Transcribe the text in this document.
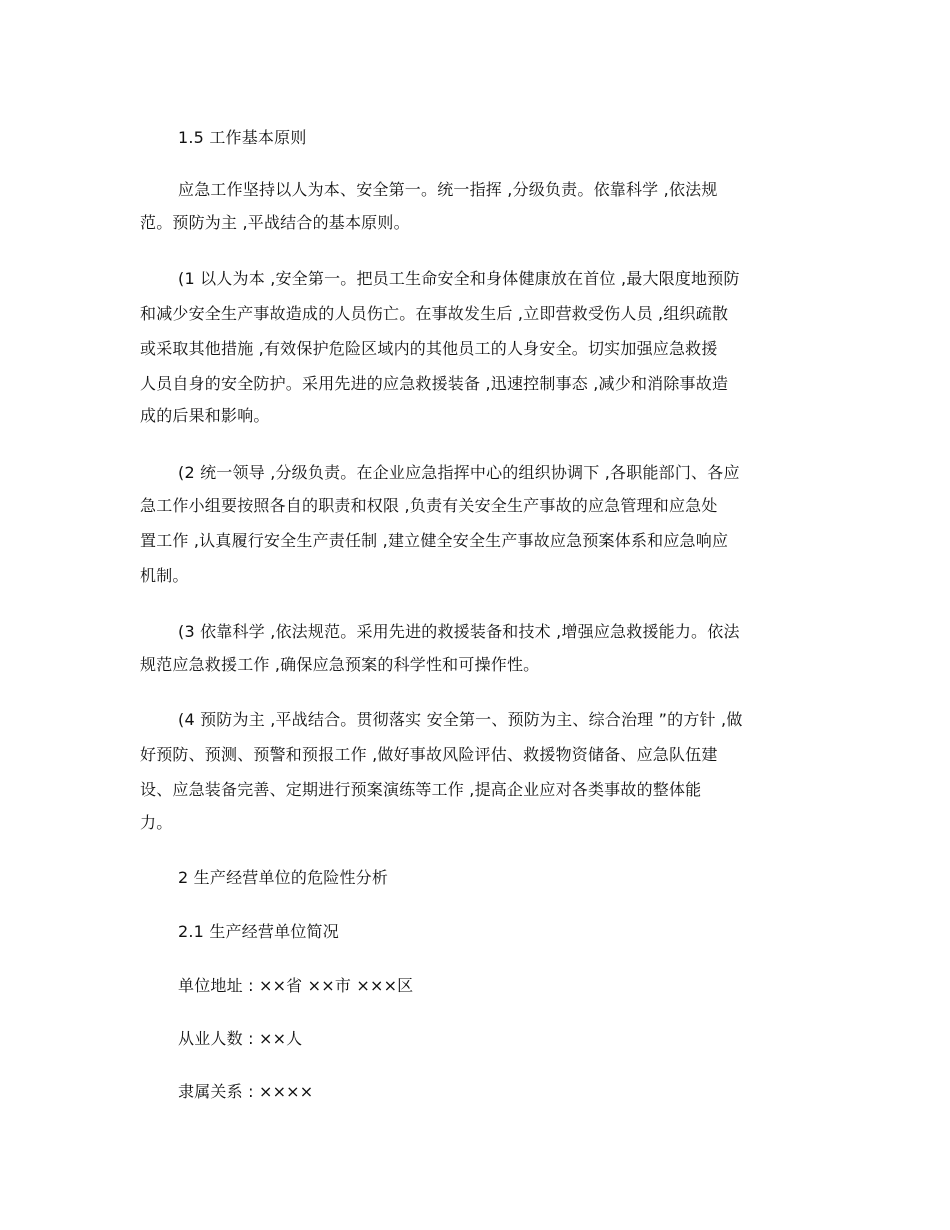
1.5 工作基本原则
应急工作坚持以人为本、安全第一。统一指挥 ,分级负责。依靠科学 ,依法规
范。预防为主 ,平战结合的基本原则。
(1 以人为本 ,安全第一。把员工生命安全和身体健康放在首位 ,最大限度地预防
和减少安全生产事故造成的人员伤亡。在事故发生后 ,立即营救受伤人员 ,组织疏散
或采取其他措施 ,有效保护危险区域内的其他员工的人身安全。切实加强应急救援
人员自身的安全防护。采用先进的应急救援装备 ,迅速控制事态 ,减少和消除事故造
成的后果和影响。
(2 统一领导 ,分级负责。在企业应急指挥中心的组织协调下 ,各职能部门、各应
急工作小组要按照各自的职责和权限 ,负责有关安全生产事故的应急管理和应急处
置工作 ,认真履行安全生产责任制 ,建立健全安全生产事故应急预案体系和应急响应
机制。
(3 依靠科学 ,依法规范。采用先进的救援装备和技术 ,增强应急救援能力。依法
规范应急救援工作 ,确保应急预案的科学性和可操作性。
(4 预防为主 ,平战结合。贯彻落实 安全第一、预防为主、综合治理 ”的方针 ,做
好预防、预测、预警和预报工作 ,做好事故风险评估、救援物资储备、应急队伍建
设、应急装备完善、定期进行预案演练等工作 ,提高企业应对各类事故的整体能
力。
2 生产经营单位的危险性分析
2.1 生产经营单位简况
单位地址 : ××省 ××市 ×××区
从业人数 : ××人
隶属关系 : ××××
